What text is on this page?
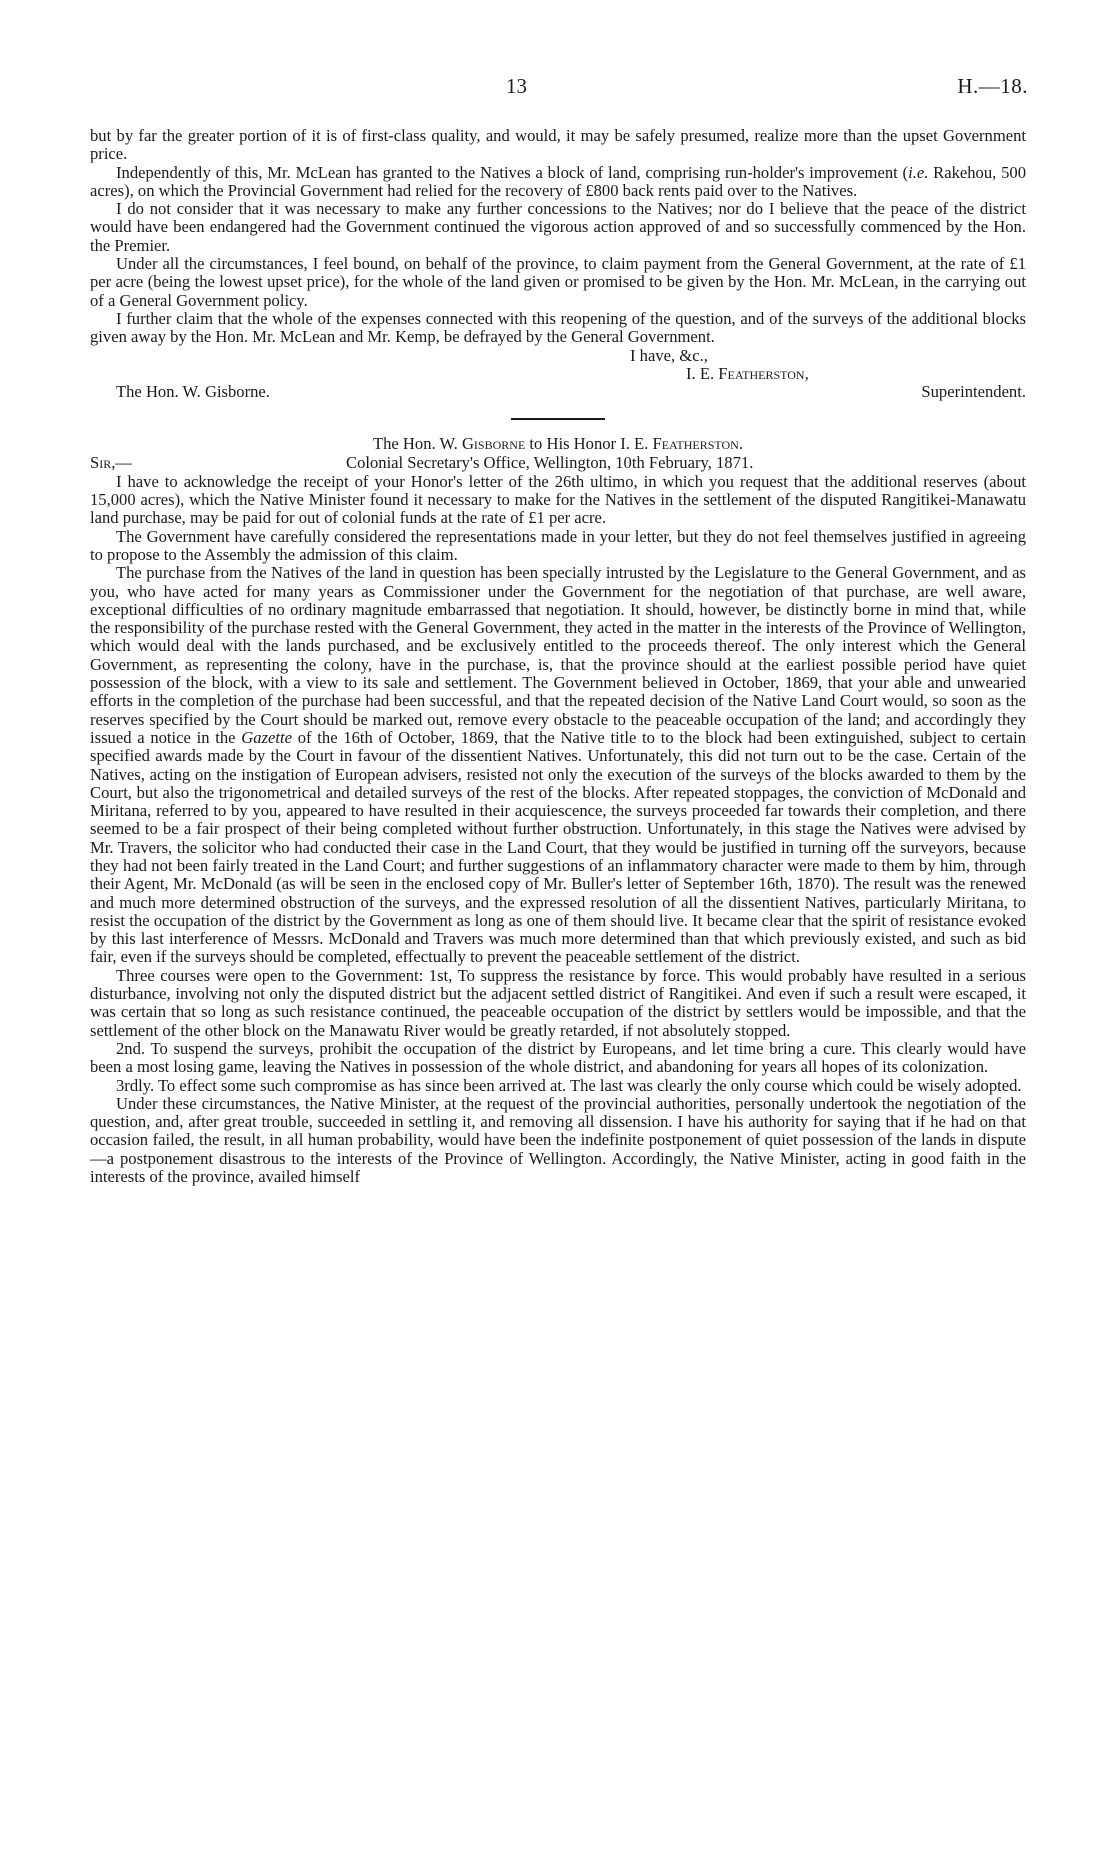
13	H.—18.

but by far the greater portion of it is of first-class quality, and would, it may be safely presumed, realize more than the upset Government price.

Independently of this, Mr. McLean has granted to the Natives a block of land, comprising run-holder's improvement (i.e. Rakehou, 500 acres), on which the Provincial Government had relied for the recovery of £800 back rents paid over to the Natives.

I do not consider that it was necessary to make any further concessions to the Natives; nor do I believe that the peace of the district would have been endangered had the Government continued the vigorous action approved of and so successfully commenced by the Hon. the Premier.

Under all the circumstances, I feel bound, on behalf of the province, to claim payment from the General Government, at the rate of £1 per acre (being the lowest upset price), for the whole of the land given or promised to be given by the Hon. Mr. McLean, in the carrying out of a General Government policy.

I further claim that the whole of the expenses connected with this reopening of the question, and of the surveys of the additional blocks given away by the Hon. Mr. McLean and Mr. Kemp, be defrayed by the General Government.

I have, &c.,
I. E. Featherston,
The Hon. W. Gisborne.	Superintendent.

The Hon. W. Gisborne to His Honor I. E. Featherston.

Sir,—	Colonial Secretary's Office, Wellington, 10th February, 1871.

I have to acknowledge the receipt of your Honor's letter of the 26th ultimo, in which you request that the additional reserves (about 15,000 acres), which the Native Minister found it necessary to make for the Natives in the settlement of the disputed Rangitikei-Manawatu land purchase, may be paid for out of colonial funds at the rate of £1 per acre.

The Government have carefully considered the representations made in your letter, but they do not feel themselves justified in agreeing to propose to the Assembly the admission of this claim.

The purchase from the Natives of the land in question has been specially intrusted by the Legislature to the General Government, and as you, who have acted for many years as Commissioner under the Government for the negotiation of that purchase, are well aware, exceptional difficulties of no ordinary magnitude embarrassed that negotiation. It should, however, be distinctly borne in mind that, while the responsibility of the purchase rested with the General Government, they acted in the matter in the interests of the Province of Wellington, which would deal with the lands purchased, and be exclusively entitled to the proceeds thereof. The only interest which the General Government, as representing the colony, have in the purchase, is, that the province should at the earliest possible period have quiet possession of the block, with a view to its sale and settlement. The Government believed in October, 1869, that your able and unwearied efforts in the completion of the purchase had been successful, and that the repeated decision of the Native Land Court would, so soon as the reserves specified by the Court should be marked out, remove every obstacle to the peaceable occupation of the land; and accordingly they issued a notice in the Gazette of the 16th of October, 1869, that the Native title to to the block had been extinguished, subject to certain specified awards made by the Court in favour of the dissentient Natives. Unfortunately, this did not turn out to be the case. Certain of the Natives, acting on the instigation of European advisers, resisted not only the execution of the surveys of the blocks awarded to them by the Court, but also the trigonometrical and detailed surveys of the rest of the blocks. After repeated stoppages, the conviction of McDonald and Miritana, referred to by you, appeared to have resulted in their acquiescence, the surveys proceeded far towards their completion, and there seemed to be a fair prospect of their being completed without further obstruction. Unfortunately, in this stage the Natives were advised by Mr. Travers, the solicitor who had conducted their case in the Land Court, that they would be justified in turning off the surveyors, because they had not been fairly treated in the Land Court; and further suggestions of an inflammatory character were made to them by him, through their Agent, Mr. McDonald (as will be seen in the enclosed copy of Mr. Buller's letter of September 16th, 1870). The result was the renewed and much more determined obstruction of the surveys, and the expressed resolution of all the dissentient Natives, particularly Miritana, to resist the occupation of the district by the Government as long as one of them should live. It became clear that the spirit of resistance evoked by this last interference of Messrs. McDonald and Travers was much more determined than that which previously existed, and such as bid fair, even if the surveys should be completed, effectually to prevent the peaceable settlement of the district.

Three courses were open to the Government: 1st, To suppress the resistance by force. This would probably have resulted in a serious disturbance, involving not only the disputed district but the adjacent settled district of Rangitikei. And even if such a result were escaped, it was certain that so long as such resistance continued, the peaceable occupation of the district by settlers would be impossible, and that the settlement of the other block on the Manawatu River would be greatly retarded, if not absolutely stopped.

2nd. To suspend the surveys, prohibit the occupation of the district by Europeans, and let time bring a cure. This clearly would have been a most losing game, leaving the Natives in possession of the whole district, and abandoning for years all hopes of its colonization.

3rdly. To effect some such compromise as has since been arrived at. The last was clearly the only course which could be wisely adopted.

Under these circumstances, the Native Minister, at the request of the provincial authorities, personally undertook the negotiation of the question, and, after great trouble, succeeded in settling it, and removing all dissension. I have his authority for saying that if he had on that occasion failed, the result, in all human probability, would have been the indefinite postponement of quiet possession of the lands in dispute—a postponement disastrous to the interests of the Province of Wellington. Accordingly, the Native Minister, acting in good faith in the interests of the province, availed himself
